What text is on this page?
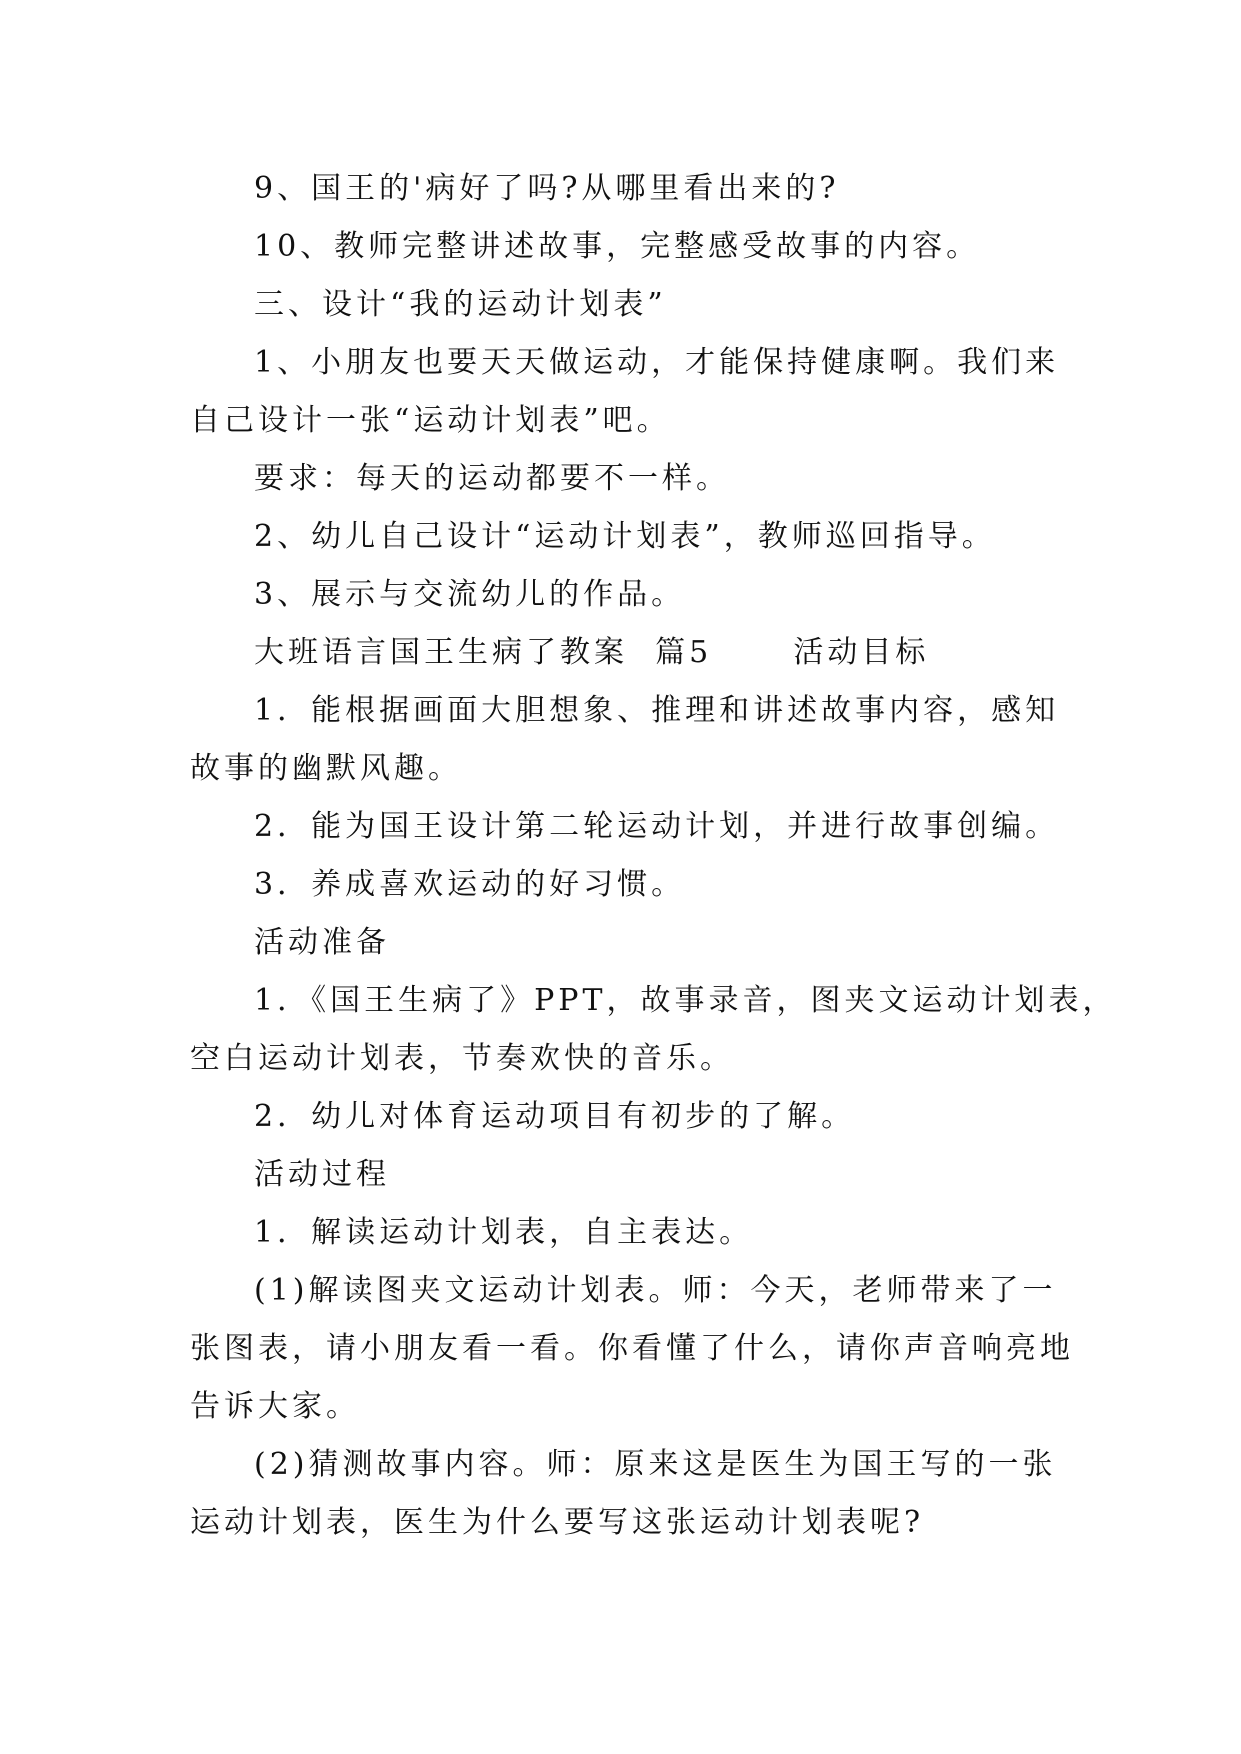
9、国王的'病好了吗?从哪里看出来的?
10、教师完整讲述故事，完整感受故事的内容。
三、设计“我的运动计划表”
1、小朋友也要天天做运动，才能保持健康啊。我们来
自己设计一张“运动计划表”吧。
要求：每天的运动都要不一样。
2、幼儿自己设计“运动计划表”，教师巡回指导。
3、展示与交流幼儿的作品。
大班语言国王生病了教案  篇5      活动目标
1．能根据画面大胆想象、推理和讲述故事内容，感知
故事的幽默风趣。
2．能为国王设计第二轮运动计划，并进行故事创编。
3．养成喜欢运动的好习惯。
活动准备
1．《国王生病了》PPT，故事录音，图夹文运动计划表，
空白运动计划表，节奏欢快的音乐。
2．幼儿对体育运动项目有初步的了解。
活动过程
1．解读运动计划表，自主表达。
(1)解读图夹文运动计划表。师：今天，老师带来了一
张图表，请小朋友看一看。你看懂了什么，请你声音响亮地
告诉大家。
(2)猜测故事内容。师：原来这是医生为国王写的一张
运动计划表，医生为什么要写这张运动计划表呢?
